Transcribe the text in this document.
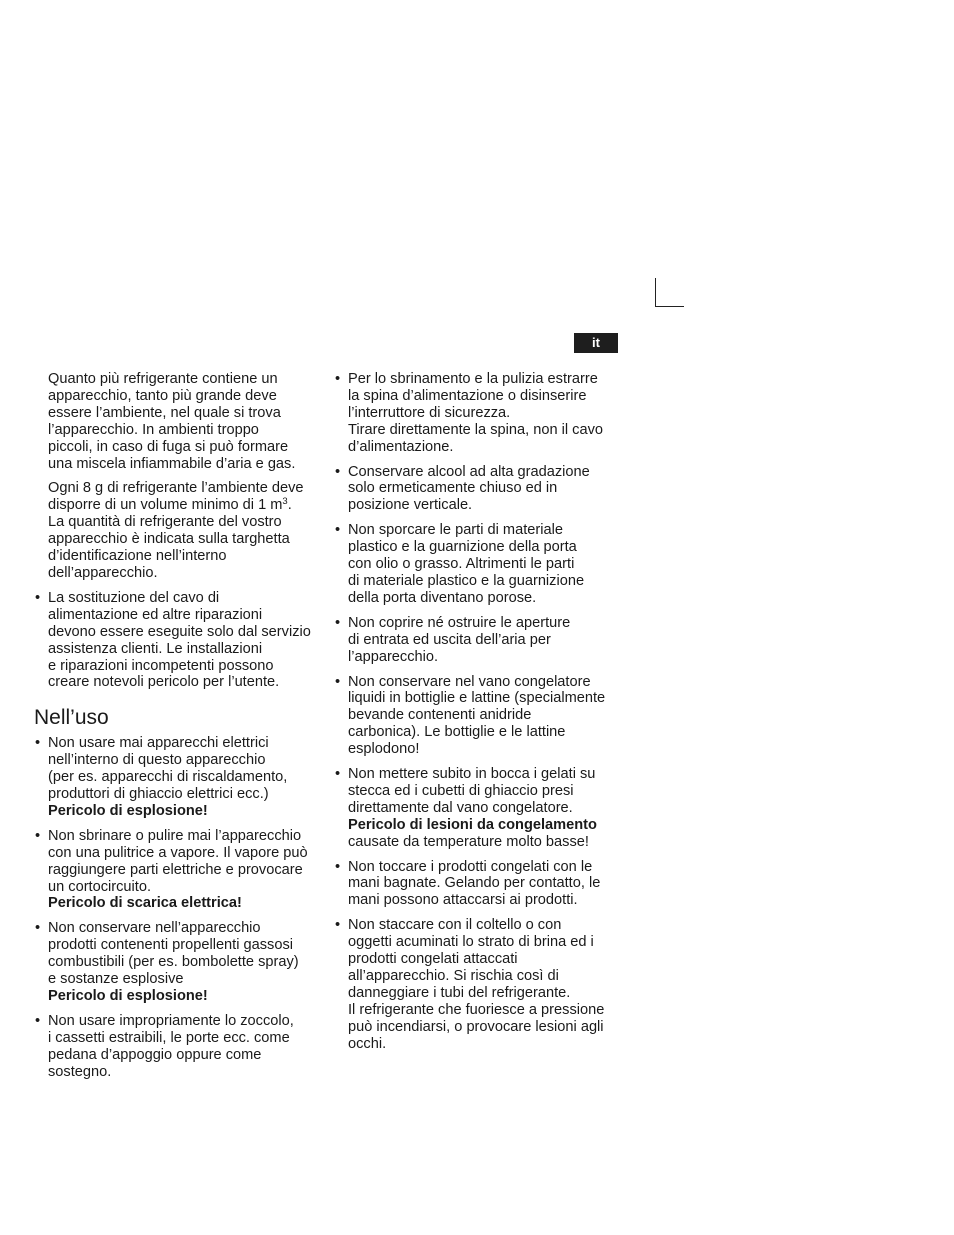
it
Quanto più refrigerante contiene un
apparecchio, tanto più grande deve
essere l’ambiente, nel quale si trova
l’apparecchio. In ambienti troppo
piccoli, in caso di fuga si può formare
una miscela infiammabile d’aria e gas.
Ogni 8 g di refrigerante l’ambiente deve
disporre di un volume minimo di 1 $m^3$.
La quantità di refrigerante del vostro
apparecchio è indicata sulla targhetta
d’identificazione nell’interno
dell’apparecchio.
• La sostituzione del cavo di
alimentazione ed altre riparazioni
devono essere eseguite solo dal servizio
assistenza clienti. Le installazioni
e riparazioni incompetenti possono
creare notevoli pericolo per l’utente.
Nell’uso
• Non usare mai apparecchi elettrici
nell’interno di questo apparecchio
(per es. apparecchi di riscaldamento,
produttori di ghiaccio elettrici ecc.)
Pericolo di esplosione!
• Non sbrinare o pulire mai l’apparecchio
con una pulitrice a vapore. Il vapore può
raggiungere parti elettriche e provocare
un cortocircuito.
Pericolo di scarica elettrica!
• Non conservare nell’apparecchio
prodotti contenenti propellenti gassosi
combustibili (per es. bombolette spray)
e sostanze esplosive
Pericolo di esplosione!
• Non usare impropriamente lo zoccolo,
i cassetti estraibili, le porte ecc. come
pedana d’appoggio oppure come
sostegno.
• Per lo sbrinamento e la pulizia estrarre
la spina d’alimentazione o disinserire
l’interruttore di sicurezza.
Tirare direttamente la spina, non il cavo
d’alimentazione.
• Conservare alcool ad alta gradazione
solo ermeticamente chiuso ed in
posizione verticale.
• Non sporcare le parti di materiale
plastico e la guarnizione della porta
con olio o grasso. Altrimenti le parti
di materiale plastico e la guarnizione
della porta diventano porose.
• Non coprire né ostruire le aperture
di entrata ed uscita dell’aria per
l’apparecchio.
• Non conservare nel vano congelatore
liquidi in bottiglie e lattine (specialmente
bevande contenenti anidride
carbonica). Le bottiglie e le lattine
esplodono!
• Non mettere subito in bocca i gelati su
stecca ed i cubetti di ghiaccio presi
direttamente dal vano congelatore.
Pericolo di lesioni da congelamento
causate da temperature molto basse!
• Non toccare i prodotti congelati con le
mani bagnate. Gelando per contatto, le
mani possono attaccarsi ai prodotti.
• Non staccare con il coltello o con
oggetti acuminati lo strato di brina ed i
prodotti congelati attaccati
all’apparecchio. Si rischia così di
danneggiare i tubi del refrigerante.
Il refrigerante che fuoriesce a pressione
può incendiarsi, o provocare lesioni agli
occhi.
